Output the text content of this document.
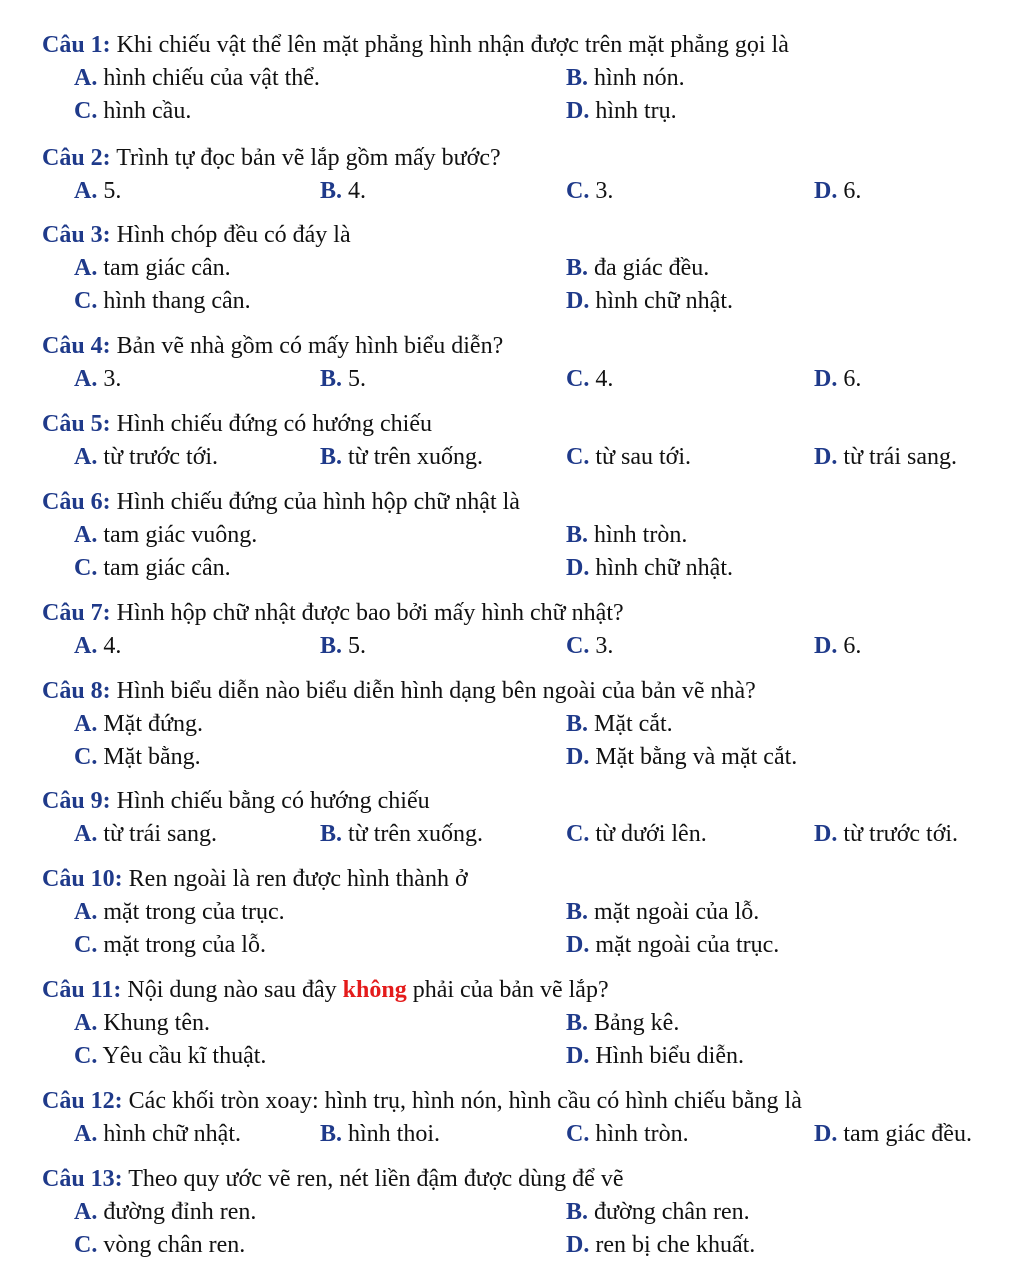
Câu 1: Khi chiếu vật thể lên mặt phẳng hình nhận được trên mặt phẳng gọi là
A. hình chiếu của vật thể.	B. hình nón.
C. hình cầu.	D. hình trụ.
Câu 2: Trình tự đọc bản vẽ lắp gồm mấy bước?
A. 5.	B. 4.	C. 3.	D. 6.
Câu 3: Hình chóp đều có đáy là
A. tam giác cân.	B. đa giác đều.
C. hình thang cân.	D. hình chữ nhật.
Câu 4: Bản vẽ nhà gồm có mấy hình biểu diễn?
A. 3.	B. 5.	C. 4.	D. 6.
Câu 5: Hình chiếu đứng có hướng chiếu
A. từ trước tới.	B. từ trên xuống.	C. từ sau tới.	D. từ trái sang.
Câu 6: Hình chiếu đứng của hình hộp chữ nhật là
A. tam giác vuông.	B. hình tròn.
C. tam giác cân.	D. hình chữ nhật.
Câu 7: Hình hộp chữ nhật được bao bởi mấy hình chữ nhật?
A. 4.	B. 5.	C. 3.	D. 6.
Câu 8: Hình biểu diễn nào biểu diễn hình dạng bên ngoài của bản vẽ nhà?
A. Mặt đứng.	B. Mặt cắt.
C. Mặt bằng.	D. Mặt bằng và mặt cắt.
Câu 9: Hình chiếu bằng có hướng chiếu
A. từ trái sang.	B. từ trên xuống.	C. từ dưới lên.	D. từ trước tới.
Câu 10: Ren ngoài là ren được hình thành ở
A. mặt trong của trục.	B. mặt ngoài của lỗ.
C. mặt trong của lỗ.	D. mặt ngoài của trục.
Câu 11: Nội dung nào sau đây không phải của bản vẽ lắp?
A. Khung tên.	B. Bảng kê.
C. Yêu cầu kĩ thuật.	D. Hình biểu diễn.
Câu 12: Các khối tròn xoay: hình trụ, hình nón, hình cầu có hình chiếu bằng là
A. hình chữ nhật.	B. hình thoi.	C. hình tròn.	D. tam giác đều.
Câu 13: Theo quy ước vẽ ren, nét liền đậm được dùng để vẽ
A. đường đỉnh ren.	B. đường chân ren.
C. vòng chân ren.	D. ren bị che khuất.
